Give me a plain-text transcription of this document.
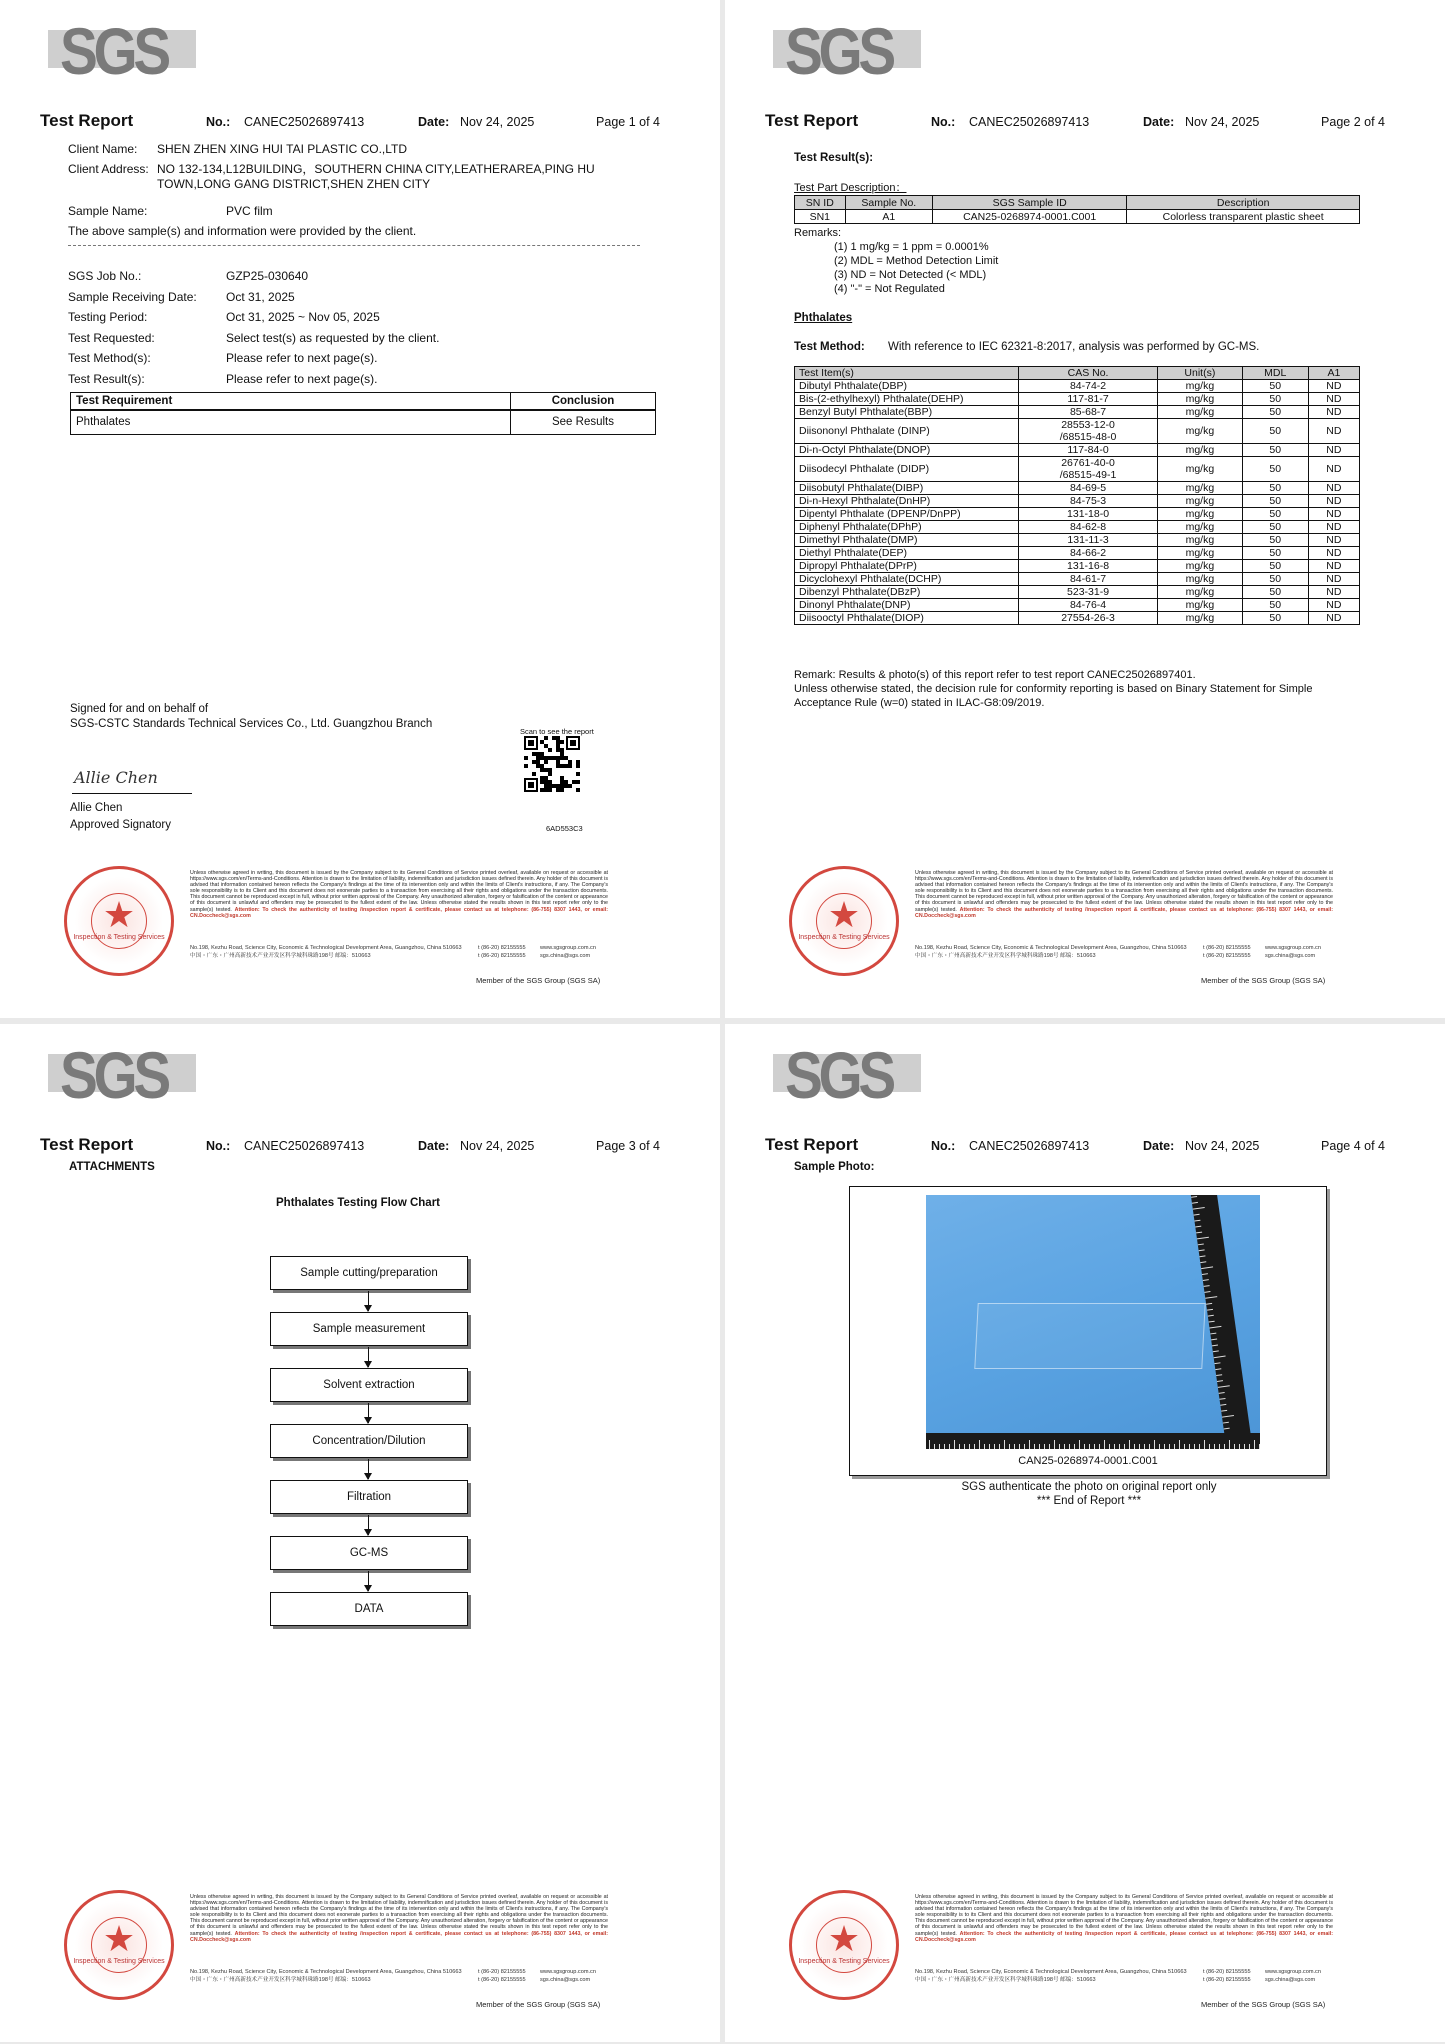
SGS
Test Report	No.: CANEC25026897413	Date: Nov 24, 2025	Page 1 of 4
Client Name: SHEN ZHEN XING HUI TAI PLASTIC CO.,LTD
Client Address: NO 132-134,L12BUILDING，SOUTHERN CHINA CITY,LEATHERAREA,PING HU
TOWN,LONG GANG DISTRICT,SHEN ZHEN CITY
Sample Name:	PVC film
The above sample(s) and information were provided by the client.
SGS Job No.:	GZP25-030640
Sample Receiving Date: Oct 31, 2025
Testing Period:	Oct 31, 2025 ~ Nov 05, 2025
Test Requested:	Select test(s) as requested by the client.
Test Method(s):	Please refer to next page(s).
Test Result(s):	Please refer to next page(s).
Test Requirement	Conclusion
Phthalates	See Results
Signed for and on behalf of
SGS-CSTC Standards Technical Services Co., Ltd. Guangzhou Branch
Allie Chen
Allie Chen
Approved Signatory
Scan to see the report
6AD553C3
★
Inspection & Testing Services
Unless otherwise agreed in writing, this document is issued by the Company subject to its General Conditions of Service printed overleaf, available on request or accessible at https://www.sgs.com/en/Terms-and-Conditions. Attention is drawn to the limitation of liability, indemnification and jurisdiction issues defined therein. Any holder of this document is advised that information contained hereon reflects the Company's findings at the time of its intervention only and within the limits of Client's instructions, if any. The Company's sole responsibility is to its Client and this document does not exonerate parties to a transaction from exercising all their rights and obligations under the transaction documents. This document cannot be reproduced except in full, without prior written approval of the Company. Any unauthorized alteration, forgery or falsification of the content or appearance of this document is unlawful and offenders may be prosecuted to the fullest extent of the law. Unless otherwise stated the results shown in this test report refer only to the sample(s) tested. Attention: To check the authenticity of testing /inspection report & certificate, please contact us at telephone: (86-755) 8307 1443, or email: CN.Doccheck@sgs.com
No.198, Kezhu Road, Science City, Economic & Technological Development Area, Guangzhou, China 510663	t (86-20) 82155555	www.sgsgroup.com.cn
中国・广东・广州高新技术产业开发区科学城科珠路198号 邮编：510663	t (86-20) 82155555	sgs.china@sgs.com
Member of the SGS Group (SGS SA)
SGS
Test Report	No.: CANEC25026897413	Date: Nov 24, 2025	Page 2 of 4
Test Result(s):
Test Part Description：
SN ID	Sample No.	SGS Sample ID	Description
SN1	A1	CAN25-0268974-0001.C001	Colorless transparent plastic sheet
Remarks:
(1) 1 mg/kg = 1 ppm = 0.0001%
(2) MDL = Method Detection Limit
(3) ND = Not Detected (< MDL)
(4) "-" = Not Regulated
Phthalates
Test Method: With reference to IEC 62321-8:2017, analysis was performed by GC-MS.
Test Item(s)	CAS No.	Unit(s)	MDL	A1
Dibutyl Phthalate(DBP)	84-74-2	mg/kg	50	ND
Bis-(2-ethylhexyl) Phthalate(DEHP)	117-81-7	mg/kg	50	ND
Benzyl Butyl Phthalate(BBP)	85-68-7	mg/kg	50	ND
Diisononyl Phthalate (DINP)	28553-12-0
/68515-48-0	mg/kg	50	ND
Di-n-Octyl Phthalate(DNOP)	117-84-0	mg/kg	50	ND
Diisodecyl Phthalate (DIDP)	26761-40-0
/68515-49-1	mg/kg	50	ND
Diisobutyl Phthalate(DIBP)	84-69-5	mg/kg	50	ND
Di-n-Hexyl Phthalate(DnHP)	84-75-3	mg/kg	50	ND
Dipentyl Phthalate (DPENP/DnPP)	131-18-0	mg/kg	50	ND
Diphenyl Phthalate(DPhP)	84-62-8	mg/kg	50	ND
Dimethyl Phthalate(DMP)	131-11-3	mg/kg	50	ND
Diethyl Phthalate(DEP)	84-66-2	mg/kg	50	ND
Dipropyl Phthalate(DPrP)	131-16-8	mg/kg	50	ND
Dicyclohexyl Phthalate(DCHP)	84-61-7	mg/kg	50	ND
Dibenzyl Phthalate(DBzP)	523-31-9	mg/kg	50	ND
Dinonyl Phthalate(DNP)	84-76-4	mg/kg	50	ND
Diisooctyl Phthalate(DIOP)	27554-26-3	mg/kg	50	ND
Remark: Results & photo(s) of this report refer to test report CANEC25026897401.
Unless otherwise stated, the decision rule for conformity reporting is based on Binary Statement for Simple
Acceptance Rule (w=0) stated in ILAC-G8:09/2019.
★
Inspection & Testing Services
Unless otherwise agreed in writing, this document is issued by the Company subject to its General Conditions of Service printed overleaf, available on request or accessible at https://www.sgs.com/en/Terms-and-Conditions. Attention is drawn to the limitation of liability, indemnification and jurisdiction issues defined therein. Any holder of this document is advised that information contained hereon reflects the Company's findings at the time of its intervention only and within the limits of Client's instructions, if any. The Company's sole responsibility is to its Client and this document does not exonerate parties to a transaction from exercising all their rights and obligations under the transaction documents. This document cannot be reproduced except in full, without prior written approval of the Company. Any unauthorized alteration, forgery or falsification of the content or appearance of this document is unlawful and offenders may be prosecuted to the fullest extent of the law. Unless otherwise stated the results shown in this test report refer only to the sample(s) tested. Attention: To check the authenticity of testing /inspection report & certificate, please contact us at telephone: (86-755) 8307 1443, or email: CN.Doccheck@sgs.com
No.198, Kezhu Road, Science City, Economic & Technological Development Area, Guangzhou, China 510663	t (86-20) 82155555	www.sgsgroup.com.cn
中国・广东・广州高新技术产业开发区科学城科珠路198号 邮编：510663	t (86-20) 82155555	sgs.china@sgs.com
Member of the SGS Group (SGS SA)
SGS
Test Report	No.: CANEC25026897413	Date: Nov 24, 2025	Page 3 of 4
ATTACHMENTS
Phthalates Testing Flow Chart
Sample cutting/preparation
Sample measurement
Solvent extraction
Concentration/Dilution
Filtration
GC-MS
DATA
★
Inspection & Testing Services
Unless otherwise agreed in writing, this document is issued by the Company subject to its General Conditions of Service printed overleaf, available on request or accessible at https://www.sgs.com/en/Terms-and-Conditions. Attention is drawn to the limitation of liability, indemnification and jurisdiction issues defined therein. Any holder of this document is advised that information contained hereon reflects the Company's findings at the time of its intervention only and within the limits of Client's instructions, if any. The Company's sole responsibility is to its Client and this document does not exonerate parties to a transaction from exercising all their rights and obligations under the transaction documents. This document cannot be reproduced except in full, without prior written approval of the Company. Any unauthorized alteration, forgery or falsification of the content or appearance of this document is unlawful and offenders may be prosecuted to the fullest extent of the law. Unless otherwise stated the results shown in this test report refer only to the sample(s) tested. Attention: To check the authenticity of testing /inspection report & certificate, please contact us at telephone: (86-755) 8307 1443, or email: CN.Doccheck@sgs.com
No.198, Kezhu Road, Science City, Economic & Technological Development Area, Guangzhou, China 510663	t (86-20) 82155555	www.sgsgroup.com.cn
中国・广东・广州高新技术产业开发区科学城科珠路198号 邮编：510663	t (86-20) 82155555	sgs.china@sgs.com
Member of the SGS Group (SGS SA)
SGS
Test Report	No.: CANEC25026897413	Date: Nov 24, 2025	Page 4 of 4
Sample Photo:
CAN25-0268974-0001.C001
SGS authenticate the photo on original report only
*** End of Report ***
★
Inspection & Testing Services
Unless otherwise agreed in writing, this document is issued by the Company subject to its General Conditions of Service printed overleaf, available on request or accessible at https://www.sgs.com/en/Terms-and-Conditions. Attention is drawn to the limitation of liability, indemnification and jurisdiction issues defined therein. Any holder of this document is advised that information contained hereon reflects the Company's findings at the time of its intervention only and within the limits of Client's instructions, if any. The Company's sole responsibility is to its Client and this document does not exonerate parties to a transaction from exercising all their rights and obligations under the transaction documents. This document cannot be reproduced except in full, without prior written approval of the Company. Any unauthorized alteration, forgery or falsification of the content or appearance of this document is unlawful and offenders may be prosecuted to the fullest extent of the law. Unless otherwise stated the results shown in this test report refer only to the sample(s) tested. Attention: To check the authenticity of testing /inspection report & certificate, please contact us at telephone: (86-755) 8307 1443, or email: CN.Doccheck@sgs.com
No.198, Kezhu Road, Science City, Economic & Technological Development Area, Guangzhou, China 510663	t (86-20) 82155555	www.sgsgroup.com.cn
中国・广东・广州高新技术产业开发区科学城科珠路198号 邮编：510663	t (86-20) 82155555	sgs.china@sgs.com
Member of the SGS Group (SGS SA)
